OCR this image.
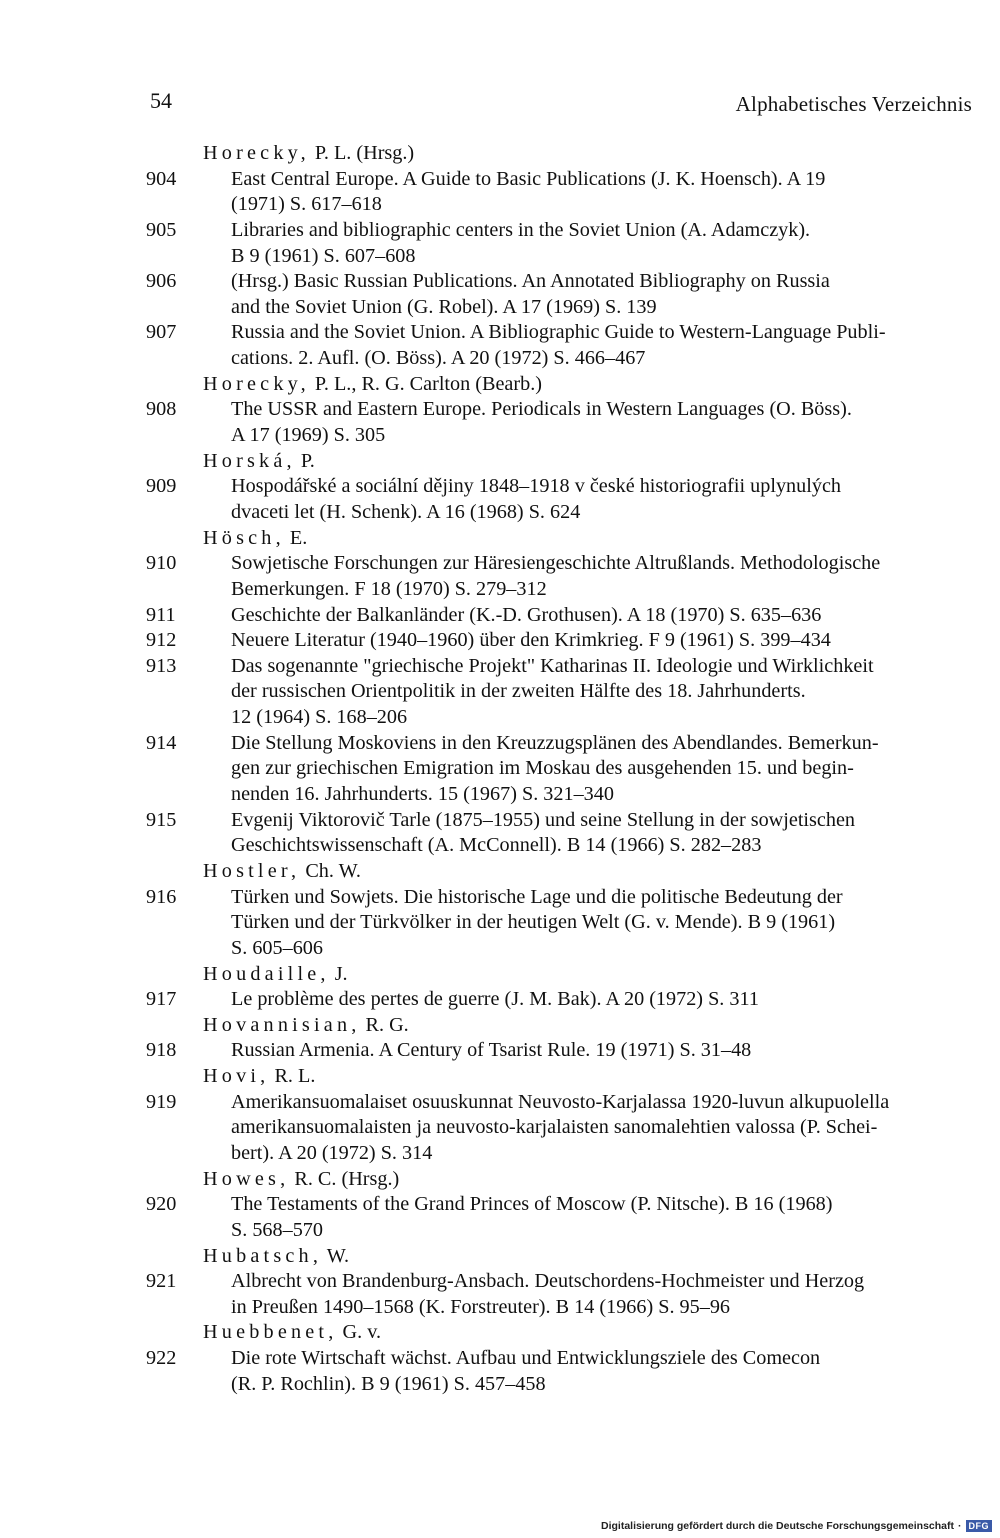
54	Alphabetisches Verzeichnis
Horecky, P. L. (Hrsg.)
904	East Central Europe. A Guide to Basic Publications (J. K. Hoensch). A 19
(1971) S. 617–618
905	Libraries and bibliographic centers in the Soviet Union (A. Adamczyk).
B 9 (1961) S. 607–608
906	(Hrsg.) Basic Russian Publications. An Annotated Bibliography on Russia
and the Soviet Union (G. Robel). A 17 (1969) S. 139
907	Russia and the Soviet Union. A Bibliographic Guide to Western-Language Publi-
cations. 2. Aufl. (O. Böss). A 20 (1972) S. 466–467
Horecky, P. L., R. G. Carlton (Bearb.)
908	The USSR and Eastern Europe. Periodicals in Western Languages (O. Böss).
A 17 (1969) S. 305
Horská, P.
909	Hospodářské a sociální dějiny 1848–1918 v české historiografii uplynulých
dvaceti let (H. Schenk). A 16 (1968) S. 624
Hösch, E.
910	Sowjetische Forschungen zur Häresiengeschichte Altrußlands. Methodologische
Bemerkungen. F 18 (1970) S. 279–312
911	Geschichte der Balkanländer (K.-D. Grothusen). A 18 (1970) S. 635–636
912	Neuere Literatur (1940–1960) über den Krimkrieg. F 9 (1961) S. 399–434
913	Das sogenannte "griechische Projekt" Katharinas II. Ideologie und Wirklichkeit
der russischen Orientpolitik in der zweiten Hälfte des 18. Jahrhunderts.
12 (1964) S. 168–206
914	Die Stellung Moskoviens in den Kreuzzugsplänen des Abendlandes. Bemerkun-
gen zur griechischen Emigration im Moskau des ausgehenden 15. und begin-
nenden 16. Jahrhunderts. 15 (1967) S. 321–340
915	Evgenij Viktorovič Tarle (1875–1955) und seine Stellung in der sowjetischen
Geschichtswissenschaft (A. McConnell). B 14 (1966) S. 282–283
Hostler, Ch. W.
916	Türken und Sowjets. Die historische Lage und die politische Bedeutung der
Türken und der Türkvölker in der heutigen Welt (G. v. Mende). B 9 (1961)
S. 605–606
Houdaille, J.
917	Le problème des pertes de guerre (J. M. Bak). A 20 (1972) S. 311
Hovannisian, R. G.
918	Russian Armenia. A Century of Tsarist Rule. 19 (1971) S. 31–48
Hovi, R. L.
919	Amerikansuomalaiset osuuskunnat Neuvosto-Karjalassa 1920-luvun alkupuolella
amerikansuomalaisten ja neuvosto-karjalaisten sanomalehtien valossa (P. Schei-
bert). A 20 (1972) S. 314
Howes, R. C. (Hrsg.)
920	The Testaments of the Grand Princes of Moscow (P. Nitsche). B 16 (1968)
S. 568–570
Hubatsch, W.
921	Albrecht von Brandenburg-Ansbach. Deutschordens-Hochmeister und Herzog
in Preußen 1490–1568 (K. Forstreuter). B 14 (1966) S. 95–96
Huebbenet, G. v.
922	Die rote Wirtschaft wächst. Aufbau und Entwicklungsziele des Comecon
(R. P. Rochlin). B 9 (1961) S. 457–458
Digitalisierung gefördert durch die Deutsche Forschungsgemeinschaft · DFG
